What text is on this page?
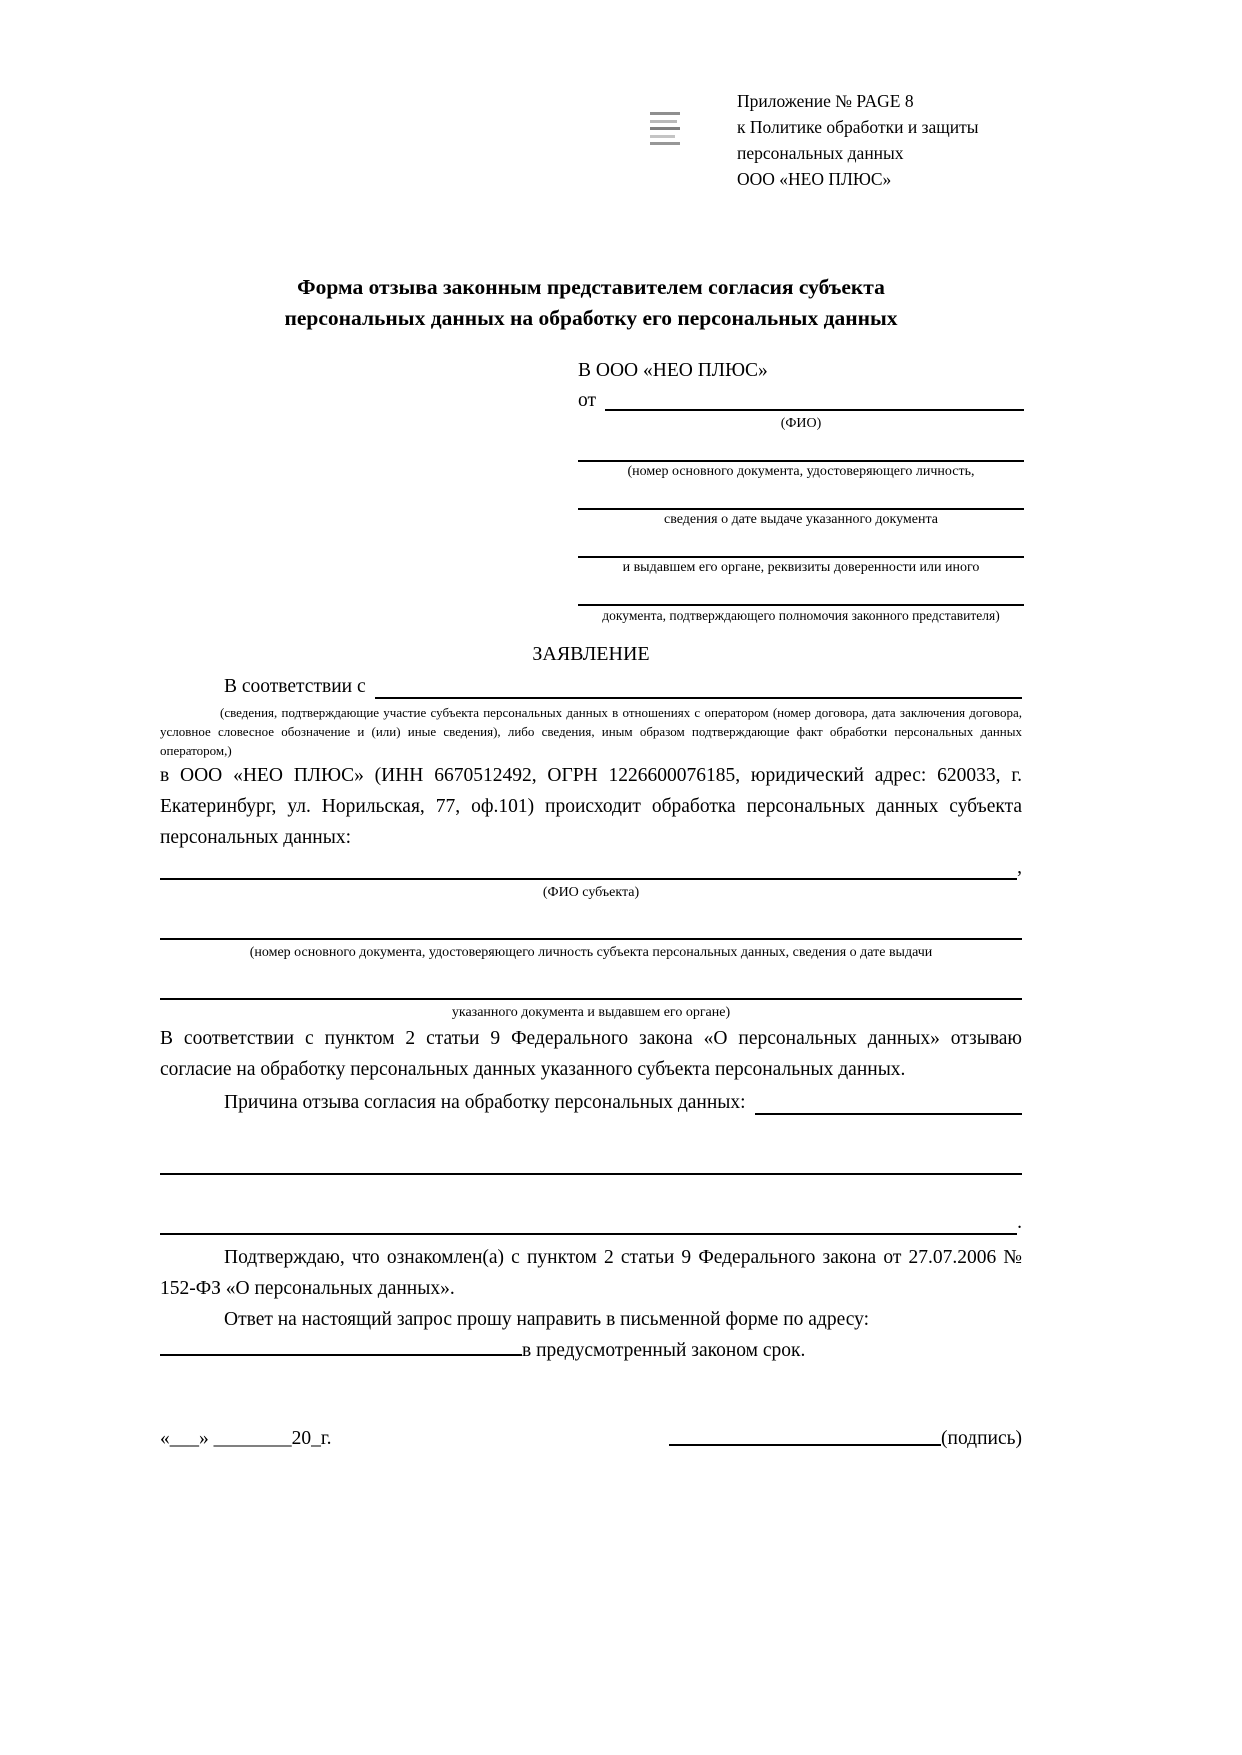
Приложение № PAGE 8
к Политике обработки и защиты
персональных данных
ООО «НЕО ПЛЮС»
Форма отзыва законным представителем согласия субъекта
персональных данных на обработку его персональных данных
В ООО «НЕО ПЛЮС»
от
(ФИО)
(номер основного документа, удостоверяющего личность,
сведения о дате выдаче указанного документа
и выдавшем его органе, реквизиты доверенности или иного
документа, подтверждающего полномочия законного представителя)
ЗАЯВЛЕНИЕ
В соответствии с
(сведения, подтверждающие участие субъекта персональных данных в отношениях с оператором (номер договора, дата заключения договора, условное словесное обозначение и (или) иные сведения), либо сведения, иным образом подтверждающие факт обработки персональных данных оператором,)
в ООО «НЕО ПЛЮС» (ИНН 6670512492, ОГРН 1226600076185, юридический адрес: 620033, г. Екатеринбург, ул. Норильская, 77, оф.101) происходит обработка персональных данных субъекта персональных данных:
,
(ФИО субъекта)
(номер основного документа, удостоверяющего личность субъекта персональных данных, сведения о дате выдачи
указанного документа и выдавшем его органе)
В соответствии с пунктом 2 статьи 9 Федерального закона «О персональных данных» отзываю согласие на обработку персональных данных указанного субъекта персональных данных.
Причина отзыва согласия на обработку персональных данных:
.
Подтверждаю, что ознакомлен(а) с пунктом 2 статьи 9 Федерального закона от 27.07.2006 № 152-ФЗ «О персональных данных».
Ответ на настоящий запрос прошу направить в письменной форме по адресу:
в предусмотренный законом срок.
«___» ________20_г.	(подпись)
